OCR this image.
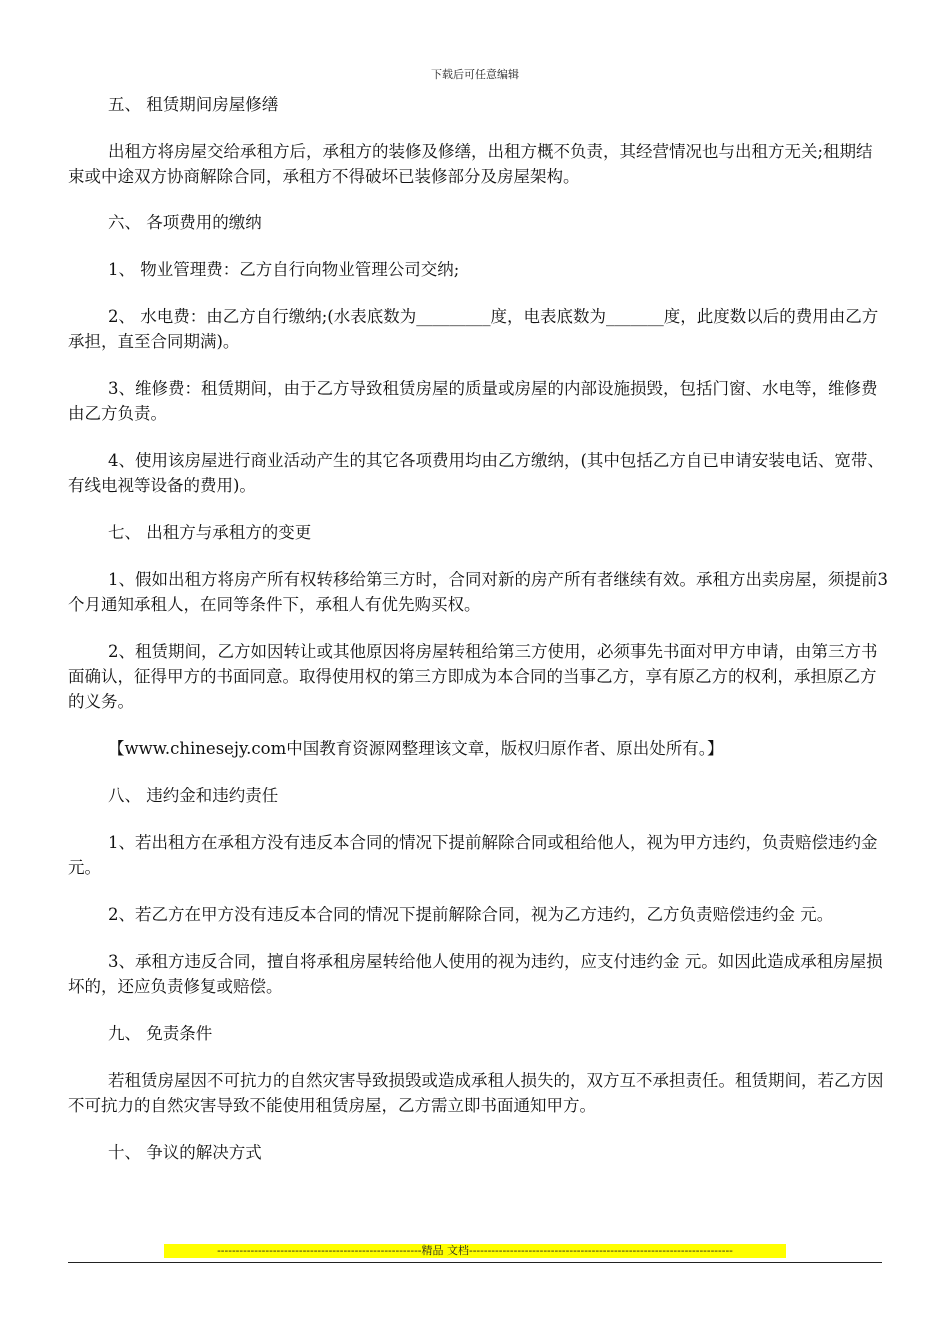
下载后可任意编辑

五、 租赁期间房屋修缮

出租方将房屋交给承租方后，承租方的装修及修缮，出租方概不负责，其经营情况也与出租方无关;租期结束或中途双方协商解除合同，承租方不得破坏已装修部分及房屋架构。

六、 各项费用的缴纳

1、 物业管理费：乙方自行向物业管理公司交纳;

2、 水电费：由乙方自行缴纳;(水表底数为_________度，电表底数为_______度，此度数以后的费用由乙方承担，直至合同期满)。

3、维修费：租赁期间，由于乙方导致租赁房屋的质量或房屋的内部设施损毁，包括门窗、水电等，维修费由乙方负责。

4、使用该房屋进行商业活动产生的其它各项费用均由乙方缴纳，(其中包括乙方自已申请安装电话、宽带、有线电视等设备的费用)。

七、 出租方与承租方的变更

1、假如出租方将房产所有权转移给第三方时，合同对新的房产所有者继续有效。承租方出卖房屋，须提前3个月通知承租人，在同等条件下，承租人有优先购买权。

2、租赁期间，乙方如因转让或其他原因将房屋转租给第三方使用，必须事先书面对甲方申请，由第三方书面确认，征得甲方的书面同意。取得使用权的第三方即成为本合同的当事乙方，享有原乙方的权利，承担原乙方的义务。

【www.chinesejy.com中国教育资源网整理该文章，版权归原作者、原出处所有。】

八、 违约金和违约责任

1、若出租方在承租方没有违反本合同的情况下提前解除合同或租给他人，视为甲方违约，负责赔偿违约金 元。

2、若乙方在甲方没有违反本合同的情况下提前解除合同，视为乙方违约，乙方负责赔偿违约金 元。

3、承租方违反合同，擅自将承租房屋转给他人使用的视为违约，应支付违约金 元。如因此造成承租房屋损坏的，还应负责修复或赔偿。

九、 免责条件

若租赁房屋因不可抗力的自然灾害导致损毁或造成承租人损失的，双方互不承担责任。租赁期间，若乙方因不可抗力的自然灾害导致不能使用租赁房屋，乙方需立即书面通知甲方。

十、 争议的解决方式

-------------------------------------------------------精品 文档-----------------------------------------------------------------------
